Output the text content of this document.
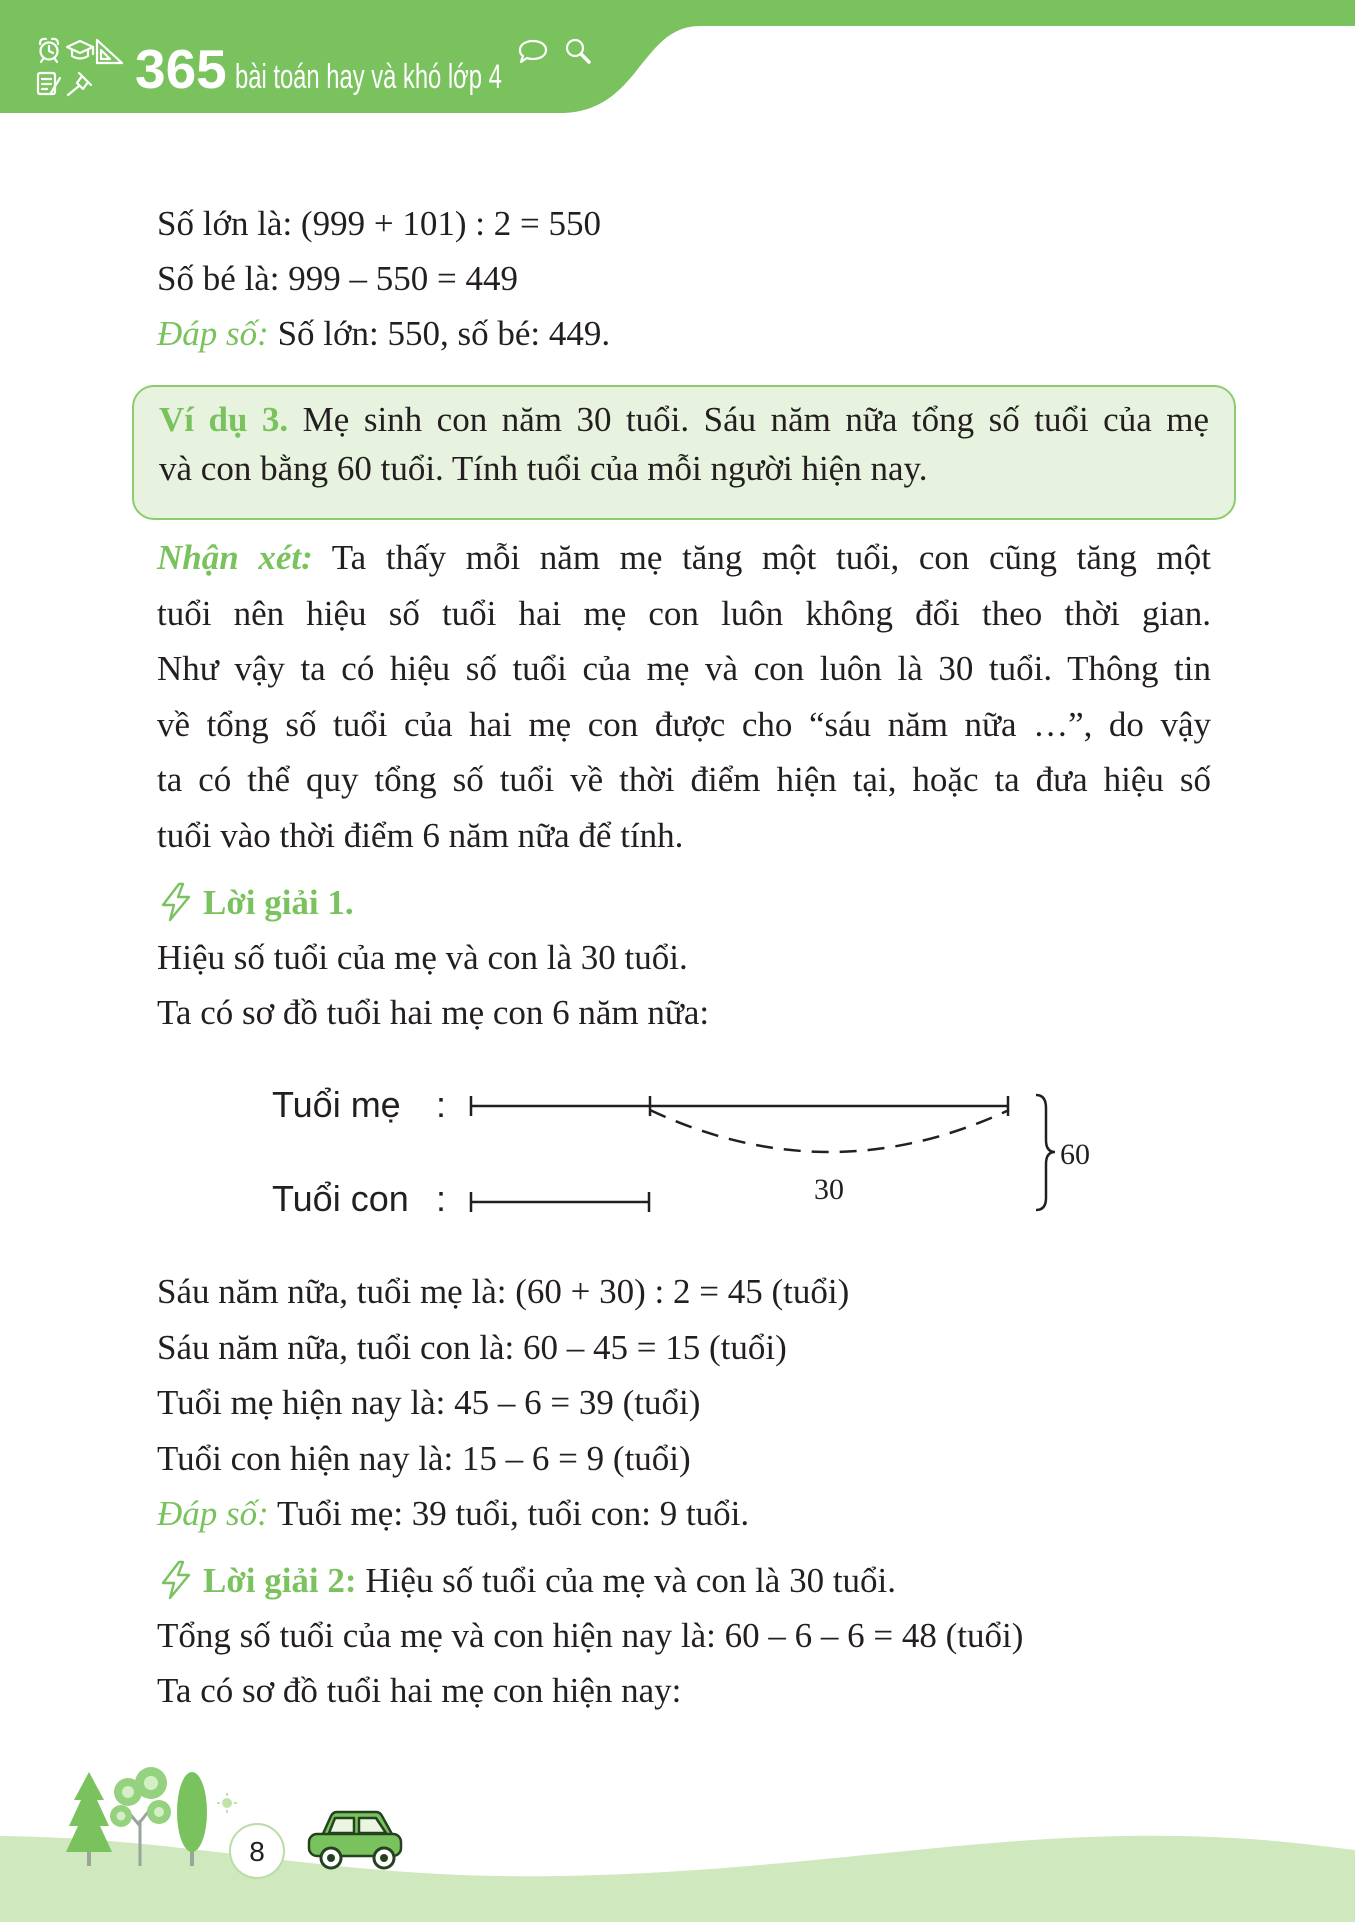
365 bài toán hay và khó lớp 4
Số lớn là: (999 + 101) : 2 = 550
Số bé là: 999 – 550 = 449
Đáp số: Số lớn: 550, số bé: 449.
Ví dụ 3. Mẹ sinh con năm 30 tuổi. Sáu năm nữa tổng số tuổi của mẹ
và con bằng 60 tuổi. Tính tuổi của mỗi người hiện nay.
Nhận xét: Ta thấy mỗi năm mẹ tăng một tuổi, con cũng tăng một
tuổi nên hiệu số tuổi hai mẹ con luôn không đổi theo thời gian.
Như vậy ta có hiệu số tuổi của mẹ và con luôn là 30 tuổi. Thông tin
về tổng số tuổi của hai mẹ con được cho “sáu năm nữa …”, do vậy
ta có thể quy tổng số tuổi về thời điểm hiện tại, hoặc ta đưa hiệu số
tuổi vào thời điểm 6 năm nữa để tính.
Lời giải 1.
Hiệu số tuổi của mẹ và con là 30 tuổi.
Ta có sơ đồ tuổi hai mẹ con 6 năm nữa:
Tuổi mẹ :
30
Tuổi con :
60
Sáu năm nữa, tuổi mẹ là: (60 + 30) : 2 = 45 (tuổi)
Sáu năm nữa, tuổi con là: 60 – 45 = 15 (tuổi)
Tuổi mẹ hiện nay là: 45 – 6 = 39 (tuổi)
Tuổi con hiện nay là: 15 – 6 = 9 (tuổi)
Đáp số: Tuổi mẹ: 39 tuổi, tuổi con: 9 tuổi.
Lời giải 2: Hiệu số tuổi của mẹ và con là 30 tuổi.
Tổng số tuổi của mẹ và con hiện nay là: 60 – 6 – 6 = 48 (tuổi)
Ta có sơ đồ tuổi hai mẹ con hiện nay:
8
